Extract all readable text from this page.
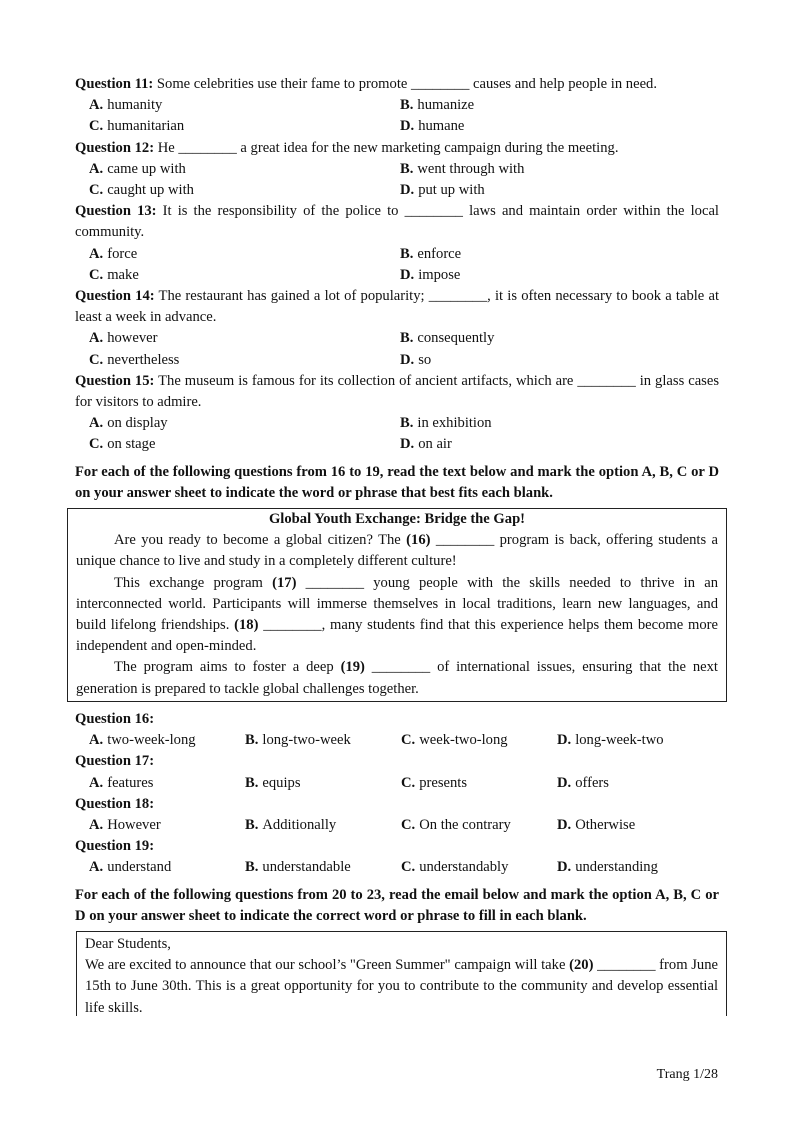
Question 11: Some celebrities use their fame to promote ________ causes and help people in need.
A. humanity	B. humanize
C. humanitarian	D. humane
Question 12: He ________ a great idea for the new marketing campaign during the meeting.
A. came up with	B. went through with
C. caught up with	D. put up with
Question 13: It is the responsibility of the police to ________ laws and maintain order within the local community.
A. force	B. enforce
C. make	D. impose
Question 14: The restaurant has gained a lot of popularity; ________, it is often necessary to book a table at least a week in advance.
A. however	B. consequently
C. nevertheless	D. so
Question 15: The museum is famous for its collection of ancient artifacts, which are ________ in glass cases for visitors to admire.
A. on display	B. in exhibition
C. on stage	D. on air
For each of the following questions from 16 to 19, read the text below and mark the option A, B, C or D on your answer sheet to indicate the word or phrase that best fits each blank.
Global Youth Exchange: Bridge the Gap!
Are you ready to become a global citizen? The (16) ________ program is back, offering students a unique chance to live and study in a completely different culture!
This exchange program (17) ________ young people with the skills needed to thrive in an interconnected world. Participants will immerse themselves in local traditions, learn new languages, and build lifelong friendships. (18) ________, many students find that this experience helps them become more independent and open-minded.
The program aims to foster a deep (19) ________ of international issues, ensuring that the next generation is prepared to tackle global challenges together.
Question 16:
A. two-week-long	B. long-two-week	C. week-two-long	D. long-week-two
Question 17:
A. features	B. equips	C. presents	D. offers
Question 18:
A. However	B. Additionally	C. On the contrary	D. Otherwise
Question 19:
A. understand	B. understandable	C. understandably	D. understanding
For each of the following questions from 20 to 23, read the email below and mark the option A, B, C or D on your answer sheet to indicate the correct word or phrase to fill in each blank.
Dear Students,
We are excited to announce that our school’s "Green Summer" campaign will take (20) ________ from June 15th to June 30th. This is a great opportunity for you to contribute to the community and develop essential life skills.
Trang 1/28
